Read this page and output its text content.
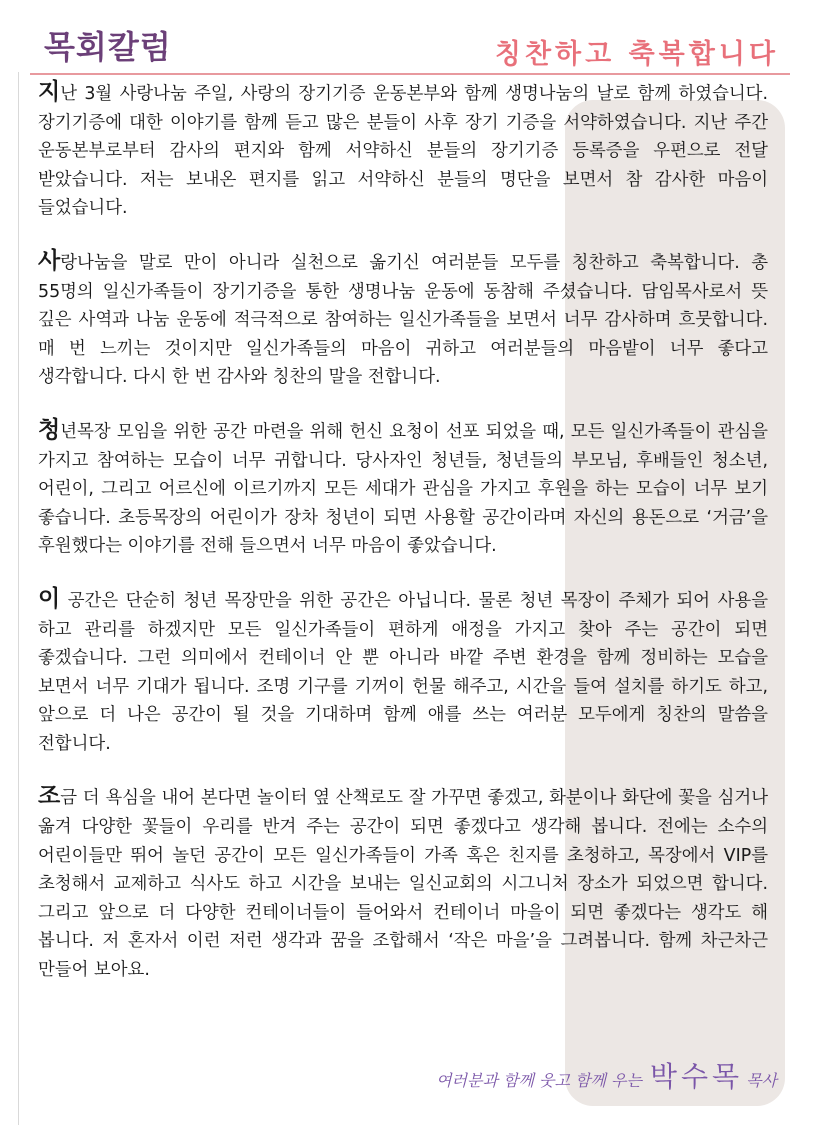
목회칼럼	칭찬하고 축복합니다

지난 3월 사랑나눔 주일, 사랑의 장기기증 운동본부와 함께 생명나눔의 날로 함께 하였습니다. 장기기증에 대한 이야기를 함께 듣고 많은 분들이 사후 장기 기증을 서약하였습니다. 지난 주간 운동본부로부터 감사의 편지와 함께 서약하신 분들의 장기기증 등록증을 우편으로 전달 받았습니다. 저는 보내온 편지를 읽고 서약하신 분들의 명단을 보면서 참 감사한 마음이 들었습니다.

사랑나눔을 말로 만이 아니라 실천으로 옮기신 여러분들 모두를 칭찬하고 축복합니다. 총 55명의 일신가족들이 장기기증을 통한 생명나눔 운동에 동참해 주셨습니다. 담임목사로서 뜻 깊은 사역과 나눔 운동에 적극적으로 참여하는 일신가족들을 보면서 너무 감사하며 흐뭇합니다. 매 번 느끼는 것이지만 일신가족들의 마음이 귀하고 여러분들의 마음밭이 너무 좋다고 생각합니다. 다시 한 번 감사와 칭찬의 말을 전합니다.

청년목장 모임을 위한 공간 마련을 위해 헌신 요청이 선포 되었을 때, 모든 일신가족들이 관심을 가지고 참여하는 모습이 너무 귀합니다. 당사자인 청년들, 청년들의 부모님, 후배들인 청소년, 어린이, 그리고 어르신에 이르기까지 모든 세대가 관심을 가지고 후원을 하는 모습이 너무 보기 좋습니다. 초등목장의 어린이가 장차 청년이 되면 사용할 공간이라며 자신의 용돈으로 ‘거금’을 후원했다는 이야기를 전해 들으면서 너무 마음이 좋았습니다.

이 공간은 단순히 청년 목장만을 위한 공간은 아닙니다. 물론 청년 목장이 주체가 되어 사용을 하고 관리를 하겠지만 모든 일신가족들이 편하게 애정을 가지고 찾아 주는 공간이 되면 좋겠습니다. 그런 의미에서 컨테이너 안 뿐 아니라 바깥 주변 환경을 함께 정비하는 모습을 보면서 너무 기대가 됩니다. 조명 기구를 기꺼이 헌물 해주고, 시간을 들여 설치를 하기도 하고, 앞으로 더 나은 공간이 될 것을 기대하며 함께 애를 쓰는 여러분 모두에게 칭찬의 말씀을 전합니다.

조금 더 욕심을 내어 본다면 놀이터 옆 산책로도 잘 가꾸면 좋겠고, 화분이나 화단에 꽃을 심거나 옮겨 다양한 꽃들이 우리를 반겨 주는 공간이 되면 좋겠다고 생각해 봅니다. 전에는 소수의 어린이들만 뛰어 놀던 공간이 모든 일신가족들이 가족 혹은 친지를 초청하고, 목장에서 VIP를 초청해서 교제하고 식사도 하고 시간을 보내는 일신교회의 시그니처 장소가 되었으면 합니다. 그리고 앞으로 더 다양한 컨테이너들이 들어와서 컨테이너 마을이 되면 좋겠다는 생각도 해 봅니다. 저 혼자서 이런 저런 생각과 꿈을 조합해서 ‘작은 마을’을 그려봅니다. 함께 차근차근 만들어 보아요.

여러분과 함께 웃고 함께 우는 박수목 목사
